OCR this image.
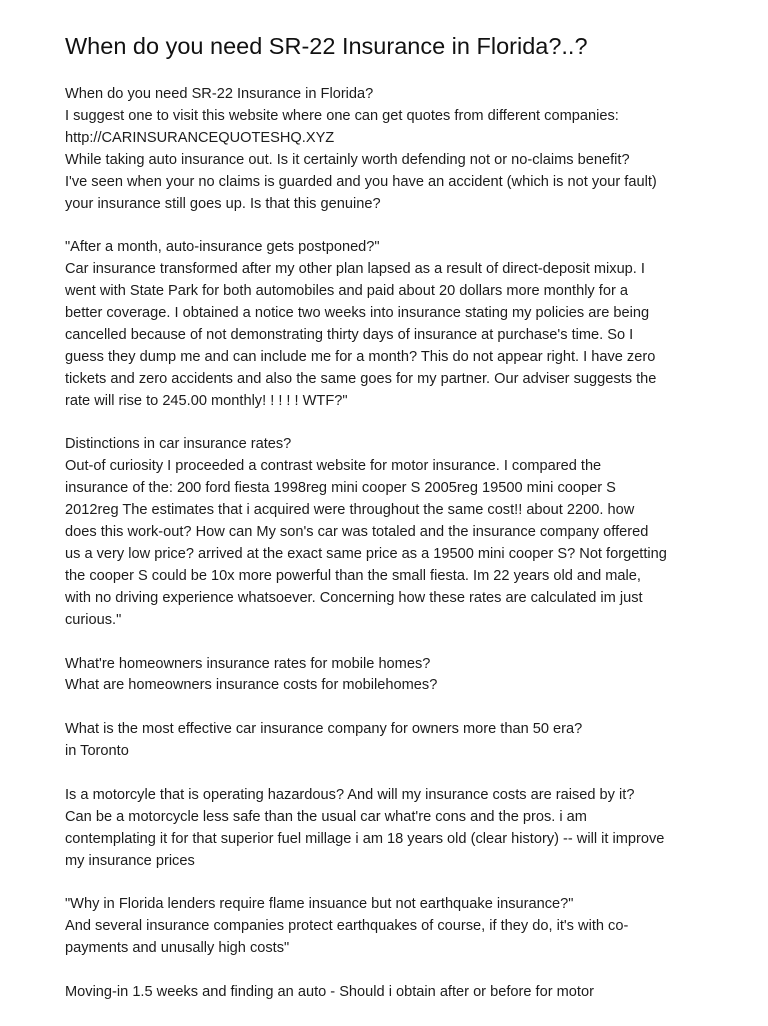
When do you need SR-22 Insurance in Florida?..?
When do you need SR-22 Insurance in Florida?
I suggest one to visit this website where one can get quotes from different companies:
http://CARINSURANCEQUOTESHQ.XYZ
While taking auto insurance out. Is it certainly worth defending not or no-claims benefit?
I've seen when your no claims is guarded and you have an accident (which is not your fault)
your insurance still goes up. Is that this genuine?
"After a month, auto-insurance gets postponed?"
Car insurance transformed after my other plan lapsed as a result of direct-deposit mixup. I
went with State Park for both automobiles and paid about 20 dollars more monthly for a
better coverage. I obtained a notice two weeks into insurance stating my policies are being
cancelled because of not demonstrating thirty days of insurance at purchase's time. So I
guess they dump me and can include me for a month? This do not appear right. I have zero
tickets and zero accidents and also the same goes for my partner. Our adviser suggests the
rate will rise to 245.00 monthly! ! ! ! ! WTF?"
Distinctions in car insurance rates?
Out-of curiosity I proceeded a contrast website for motor insurance. I compared the
insurance of the: 200 ford fiesta 1998reg mini cooper S 2005reg 19500 mini cooper S
2012reg The estimates that i acquired were throughout the same cost!! about 2200. how
does this work-out? How can My son's car was totaled and the insurance company offered
us a very low price? arrived at the exact same price as a 19500 mini cooper S? Not forgetting
the cooper S could be 10x more powerful than the small fiesta. Im 22 years old and male,
with no driving experience whatsoever. Concerning how these rates are calculated im just
curious."
What're homeowners insurance rates for mobile homes?
What are homeowners insurance costs for mobilehomes?
What is the most effective car insurance company for owners more than 50 era?
in Toronto
Is a motorcyle that is operating hazardous? And will my insurance costs are raised by it?
Can be a motorcycle less safe than the usual car what're cons and the pros. i am
contemplating it for that superior fuel millage i am 18 years old (clear history) -- will it improve
my insurance prices
"Why in Florida lenders require flame insuance but not earthquake insurance?"
And several insurance companies protect earthquakes of course, if they do, it's with co-
payments and unusally high costs"
Moving-in 1.5 weeks and finding an auto - Should i obtain after or before for motor
